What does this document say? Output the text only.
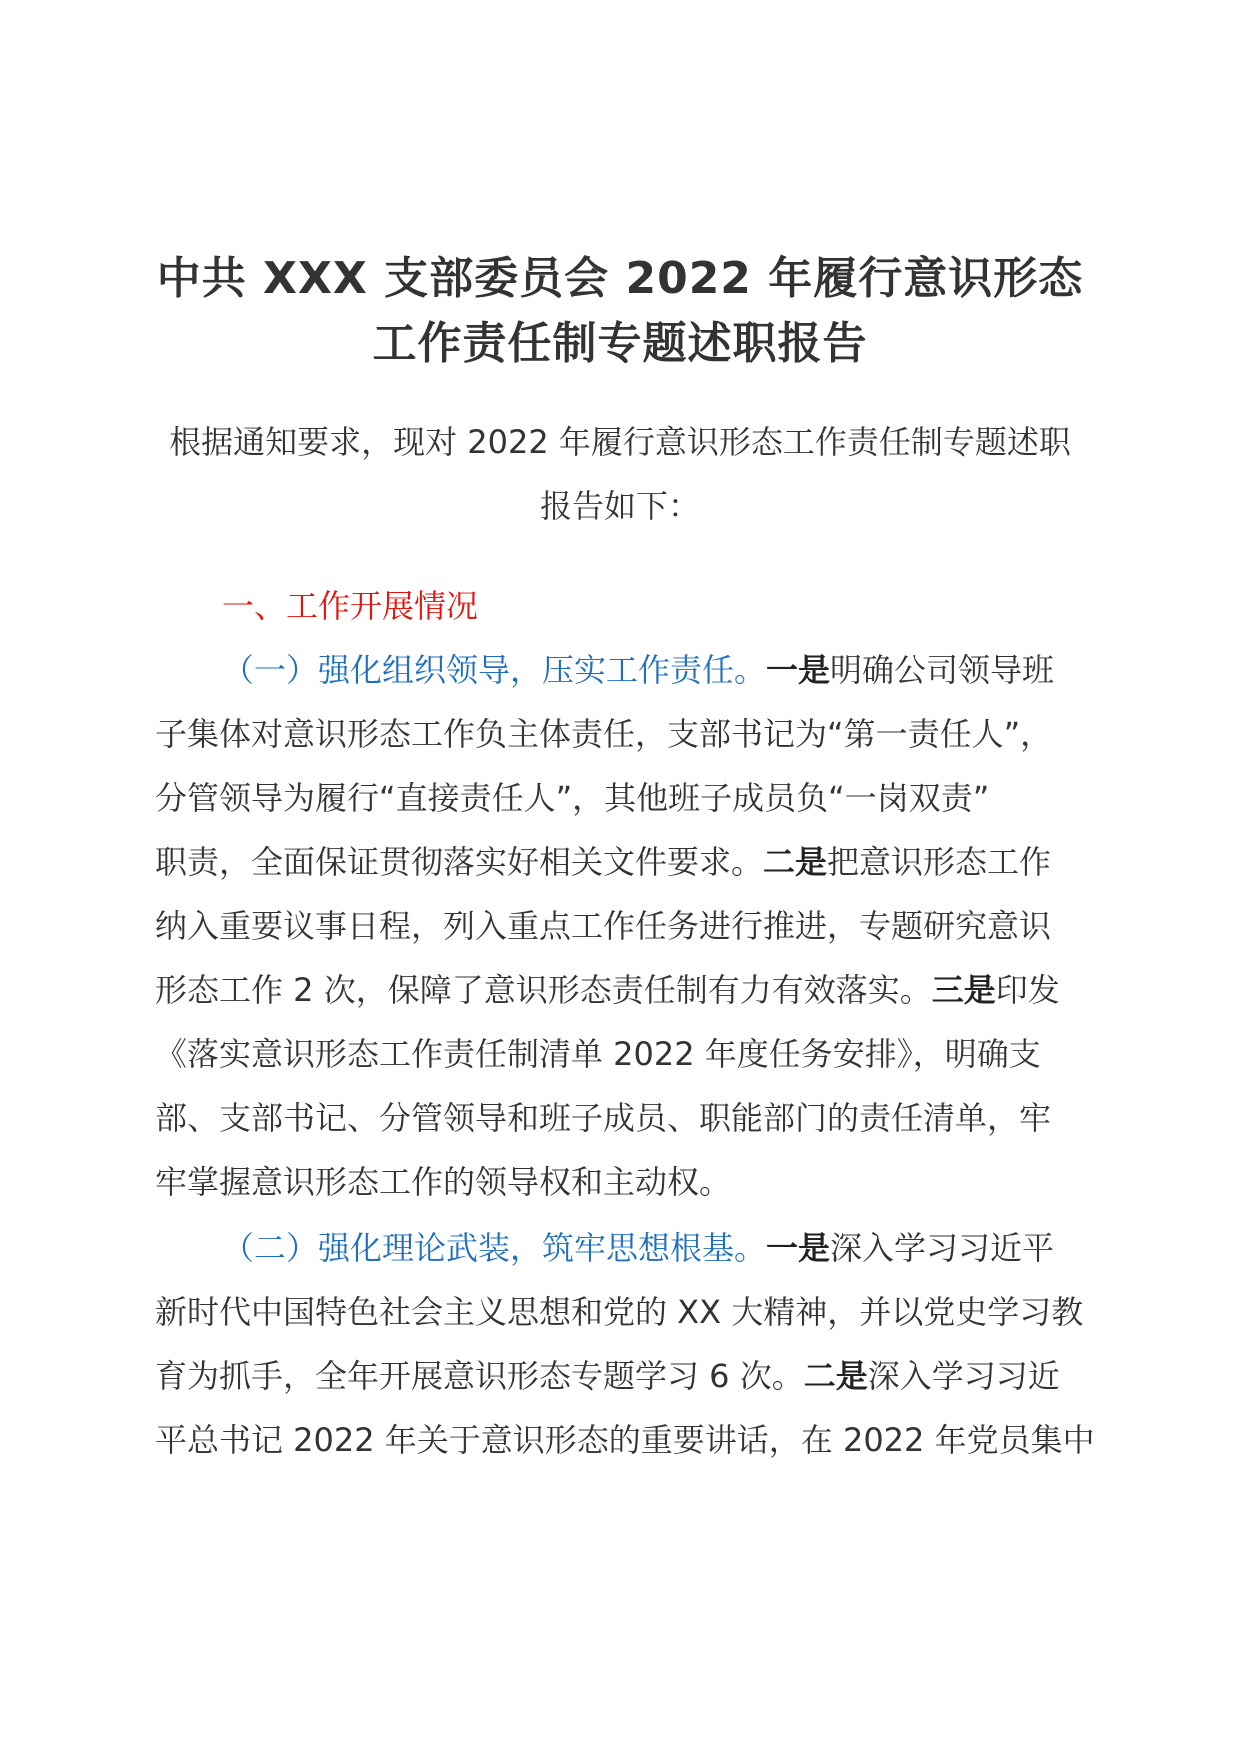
中共 XXX 支部委员会 2022 年履行意识形态
工作责任制专题述职报告
根据通知要求，现对 2022 年履行意识形态工作责任制专题述职
报告如下：
一、工作开展情况
（一）强化组织领导，压实工作责任。一是明确公司领导班
子集体对意识形态工作负主体责任，支部书记为“第一责任人”，
分管领导为履行“直接责任人”，其他班子成员负“一岗双责”
职责，全面保证贯彻落实好相关文件要求。二是把意识形态工作
纳入重要议事日程，列入重点工作任务进行推进，专题研究意识
形态工作 2 次，保障了意识形态责任制有力有效落实。三是印发
《落实意识形态工作责任制清单 2022 年度任务安排》，明确支
部、支部书记、分管领导和班子成员、职能部门的责任清单，牢
牢掌握意识形态工作的领导权和主动权。
（二）强化理论武装，筑牢思想根基。一是深入学习习近平
新时代中国特色社会主义思想和党的 XX 大精神，并以党史学习教
育为抓手，全年开展意识形态专题学习 6 次。二是深入学习习近
平总书记 2022 年关于意识形态的重要讲话，在 2022 年党员集中
